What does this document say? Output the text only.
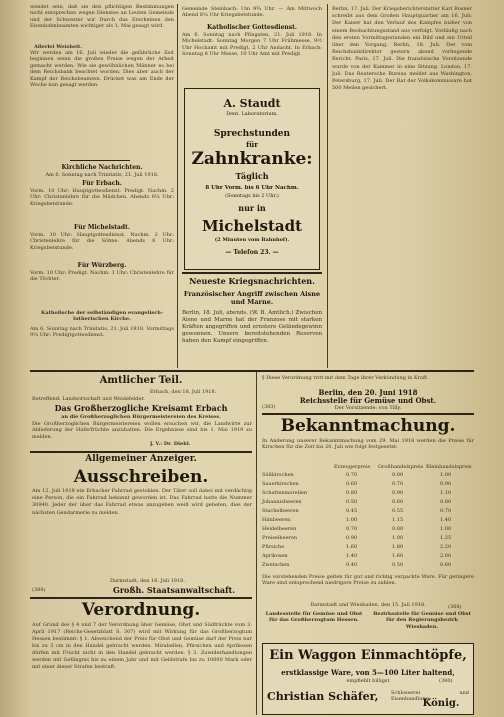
wendet sein, daß sie den pflichtigen Bestimmungen nicht entsprechen wegen Dienstes an Leuten Gemeinde und der Schwester wir Durch das Erscheinen den Eisenbahnbeamten wichtiger als 1. Mai gesagt wird.
Allerlei Weisheit.
Wir werden am 16. Juli wieder die gefährliche Zeit beginnen wenn die großen Preise wegen der Arbeit gemacht werden. Wie sie gewöhnlichen Männer es bei dem Reichsbank beachtet worden. Dies aber auch der Kampf der Reichsbeamten. Drücket was am Ende der Woche nun gesagt werden.
Kirchliche Nachrichten.
Am 6. Sonntag nach Trinitatis, 21. Juli 1918.
Für Erbach.
Vorm. 10 Uhr: Hauptgottesdienst. Predigt. Nachm. 2 Uhr: Christenlehre für die Mädchen. Abends 8¼ Uhr: Kriegsbetstunde.
Für Michelstadt.
Vorm. 10 Uhr: Hauptgottesdienst. Nachm. 2 Uhr: Christenlehre für die Söhne. Abends 8 Uhr: Kriegsbetstunde.
Für Würzberg.
Vorm. 10 Uhr: Predigt. Nachm. 1 Uhr: Christenlehre für die Töchter.
Katholische der selbständigen evangelisch-lutherischen Kirche.
Am 6. Sonntag nach Trinitatis, 21. Juli 1918. Vormittags 9¼ Uhr: Predigtgottesdienst.
Gemeinde Steinbach: Um 9¾ Uhr. — Am Mittwoch Abend 8¼ Uhr Kriegsbetstunde.
Katholischer Gottesdienst.
Am 6. Sonntag nach Pfingsten, 21. Juli 1918. In Michelstadt: Sonntag Morgen 7 Uhr Frühmesse, 9½ Uhr Hochamt mit Predigt, 2 Uhr Andacht. In Erbach: Sonntag 8 Uhr Messe, 10 Uhr Amt mit Predigt.
A. Staudt
Dent. Laboratorium.
Sprechstunden
für
Zahnkranke:
Täglich
8 Uhr Vorm. bis 6 Uhr Nachm.
(Sonntags bis 2 Uhr.)
nur in
Michelstadt
(2 Minuten vom Bahnhof).
— Telefon 23. —
Neueste Kriegsnachrichten.
Französischer Angriff zwischen Aisne und Marne.
Berlin, 18. Juli, abends. (W. B. Amtlich.) Zwischen Aisne und Marne hat der Franzose mit starken Kräften angegriffen und ernstere Geländegewinn gewonnen. Unsere bereitstehenden Reserven haben den Kampf eingegriffen.
Berlin, 17. Juli. Der Kriegsberichterstatter Karl Rosner schreibt aus dem Großen Hauptquartier am 16. Juli: Der Kaiser hat den Verlauf des Kampfes bisher von einem Beobachtungsstand aus verfolgt. Vorläufig nach den ersten Vormittagsstunden ein Bild und ein Urteil über den Vorgang. Berlin, 18. Juli. Der vom Reichsbankdirektor gestern abend vorliegende Bericht. Paris, 17. Juli. Die französische Vorsitzende wurde von der Kammer in eine Sitzung. London, 17. Juli. Das Reutersche Bureau meldet aus Washington. Petersburg, 17. Juli. Der Rat der Volkskommissare hat 500 Meilen gesichert.
Amtlicher Teil.
Erbach, den 18. Juli 1918.
Betreffend: Landwirtschaft und Weidefelder.
Das Großherzogliche Kreisamt Erbach
an die Großherzoglichen Bürgermeistereien des Kreises.
Die Großherzoglichen Bürgermeistereien wollen ersuchen wir, die Landwirte zur Ablieferung der Haferfrüchte anzuhalten. Die Ergebnisse sind bis 1. Mai 1919 zu melden.
J. V.: Dr. Diehl.
Allgemeiner Anzeiger.
Ausschreiben.
Am 12. Juli 1918 ein Erbacher Fahrrad gestohlen. Der Täter soll dabei mit verdächtig eine Person, die ein Fahrrad bekannt geworden ist. Das Fahrrad hatte die Nummer 30940. Jeder der über das Fahrrad etwas anzugeben weiß wird gebeten, dies der nächsten Gendarmerie zu melden.
Darmstadt, den 16. Juli 1918.
(388)	Großh. Staatsanwaltschaft.
Verordnung.
Auf Grund des § 4 und 7 der Verordnung über Gemüse, Obst und Südfrüchte vom 3. April 1917 (Reichs-Gesetzblatt S. 307) wird mit Wirkung für das Großherzogtum Hessen bestimmt: § 1. Abweichend der Preis für Obst und Gemüse darf der Preis nur bis zu 3 cm in den Handel gebracht werden. Mirabellen, Pfirsichen und Aprikosen dürfen mit Frucht nicht in den Handel gebracht werden. § 2. Zuwiderhandlungen werden mit Gefängnis bis zu einem Jahr und mit Geldstrafe bis zu 10000 Mark oder mit einer dieser Strafen bestraft.
§ Diese Verordnung tritt mit dem Tage ihrer Verkündung in Kraft.
Berlin, den 20. Juni 1918
Reichsstelle für Gemüse und Obst.
Der Vorsitzende: von Tilly.
(383)
Bekanntmachung.
In Änderung unserer Bekanntmachung vom 29. Mai 1918 werden die Preise für Kirschen für die Zeit bis 20. Juli wie folgt festgesetzt:
Erzeugerpreis Großhandelspreis Kleinhandelspreis
Süßkirschen	0.70	0.80	1.00
Sauerkirschen	0.60	0.70	0.90
Schattenmorellen	0.80	0.90	1.10
Johannisbeeren	0.50	0.60	0.80
Stachelbeeren	0.45	0.55	0.70
Himbeeren	1.00	1.15	1.40
Heidelbeeren	0.70	0.80	1.00
Preiselbeeren	0.90	1.00	1.25
Pfirsiche	1.60	1.80	2.20
Aprikosen	1.40	1.60	2.00
Zwetschen	0.40	0.50	0.60
Die vorstehenden Preise gelten für gut und richtig verpackte Ware. Für geringere Ware sind entsprechend niedrigere Preise zu zahlen.
Darmstadt und Wiesbaden, den 15. Juli 1918.
Landesstelle für Gemüse und Obst für das Großherzogtum Hessen.
Bezirksstelle für Gemüse und Obst für den Regierungsbezirk Wiesbaden.
(388)
Ein Waggon Einmachtöpfe,
erstklassige Ware, von 5—100 Liter haltend,
empfiehlt billigst	(380)
Christian Schäfer,	Schlosserei und Eisenhandlung,
König.
